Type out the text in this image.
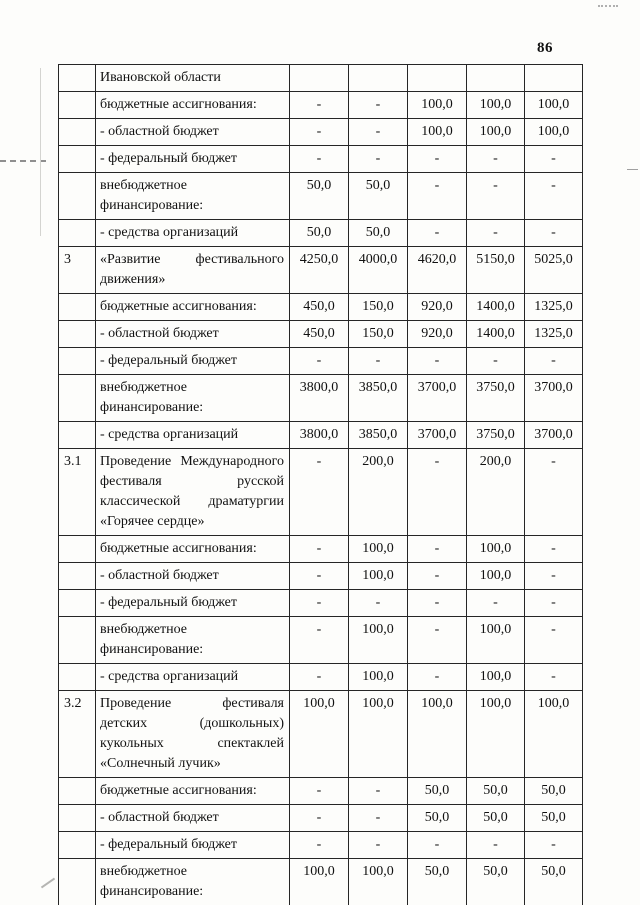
86
	Ивановской области					
	бюджетные ассигнования:	-	-	100,0	100,0	100,0
	- областной бюджет	-	-	100,0	100,0	100,0
	- федеральный бюджет	-	-	-	-	-
	внебюджетное финансирование:	50,0	50,0	-	-	-
	- средства организаций	50,0	50,0	-	-	-
3	«Развитие фестивального движения»	4250,0	4000,0	4620,0	5150,0	5025,0
	бюджетные ассигнования:	450,0	150,0	920,0	1400,0	1325,0
	- областной бюджет	450,0	150,0	920,0	1400,0	1325,0
	- федеральный бюджет	-	-	-	-	-
	внебюджетное финансирование:	3800,0	3850,0	3700,0	3750,0	3700,0
	- средства организаций	3800,0	3850,0	3700,0	3750,0	3700,0
3.1	Проведение Международного фестиваля русской классической драматургии «Горячее сердце»	-	200,0	-	200,0	-
	бюджетные ассигнования:	-	100,0	-	100,0	-
	- областной бюджет	-	100,0	-	100,0	-
	- федеральный бюджет	-	-	-	-	-
	внебюджетное финансирование:	-	100,0	-	100,0	-
	- средства организаций	-	100,0	-	100,0	-
3.2	Проведение фестиваля детских (дошкольных) кукольных спектаклей «Солнечный лучик»	100,0	100,0	100,0	100,0	100,0
	бюджетные ассигнования:	-	-	50,0	50,0	50,0
	- областной бюджет	-	-	50,0	50,0	50,0
	- федеральный бюджет	-	-	-	-	-
	внебюджетное финансирование:	100,0	100,0	50,0	50,0	50,0
